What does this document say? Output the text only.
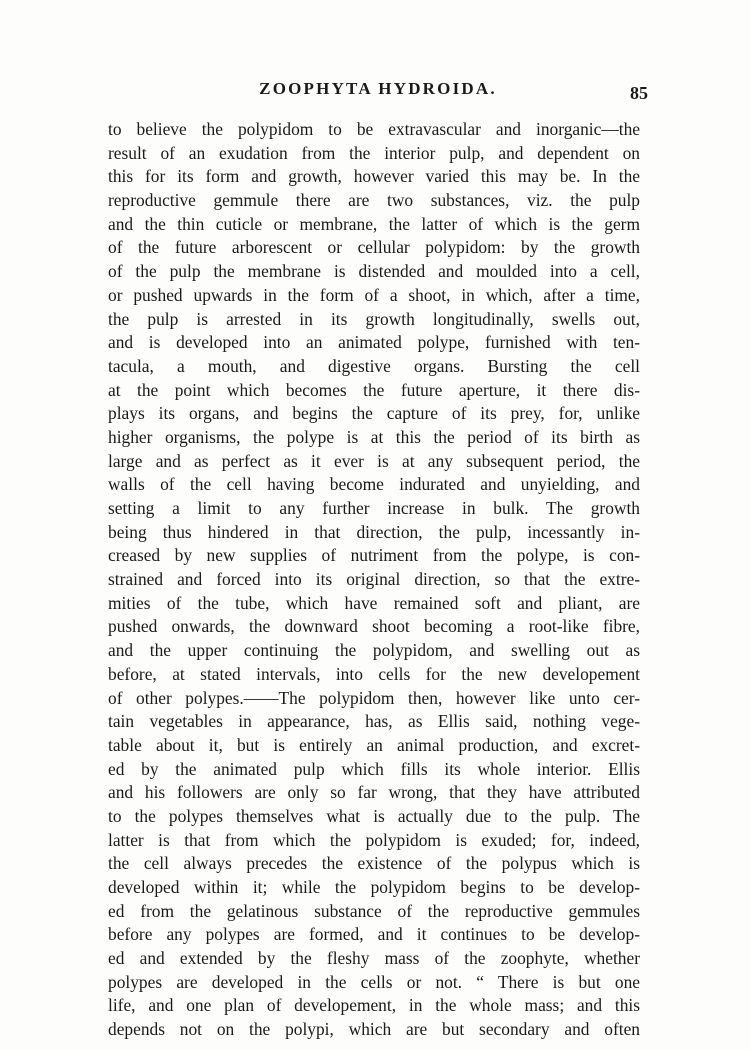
ZOOPHYTA HYDROIDA.	85
to believe the polypidom to be extravascular and inorganic—the
result of an exudation from the interior pulp, and dependent on
this for its form and growth, however varied this may be. In the
reproductive gemmule there are two substances, viz. the pulp
and the thin cuticle or membrane, the latter of which is the germ
of the future arborescent or cellular polypidom: by the growth
of the pulp the membrane is distended and moulded into a cell,
or pushed upwards in the form of a shoot, in which, after a time,
the pulp is arrested in its growth longitudinally, swells out,
and is developed into an animated polype, furnished with ten-
tacula, a mouth, and digestive organs. Bursting the cell
at the point which becomes the future aperture, it there dis-
plays its organs, and begins the capture of its prey, for, unlike
higher organisms, the polype is at this the period of its birth as
large and as perfect as it ever is at any subsequent period, the
walls of the cell having become indurated and unyielding, and
setting a limit to any further increase in bulk. The growth
being thus hindered in that direction, the pulp, incessantly in-
creased by new supplies of nutriment from the polype, is con-
strained and forced into its original direction, so that the extre-
mities of the tube, which have remained soft and pliant, are
pushed onwards, the downward shoot becoming a root-like fibre,
and the upper continuing the polypidom, and swelling out as
before, at stated intervals, into cells for the new developement
of other polypes.——The polypidom then, however like unto cer-
tain vegetables in appearance, has, as Ellis said, nothing vege-
table about it, but is entirely an animal production, and excret-
ed by the animated pulp which fills its whole interior. Ellis
and his followers are only so far wrong, that they have attributed
to the polypes themselves what is actually due to the pulp. The
latter is that from which the polypidom is exuded; for, indeed,
the cell always precedes the existence of the polypus which is
developed within it; while the polypidom begins to be develop-
ed from the gelatinous substance of the reproductive gemmules
before any polypes are formed, and it continues to be develop-
ed and extended by the fleshy mass of the zoophyte, whether
polypes are developed in the cells or not. “ There is but one
life, and one plan of developement, in the whole mass; and this
depends not on the polypi, which are but secondary and often
